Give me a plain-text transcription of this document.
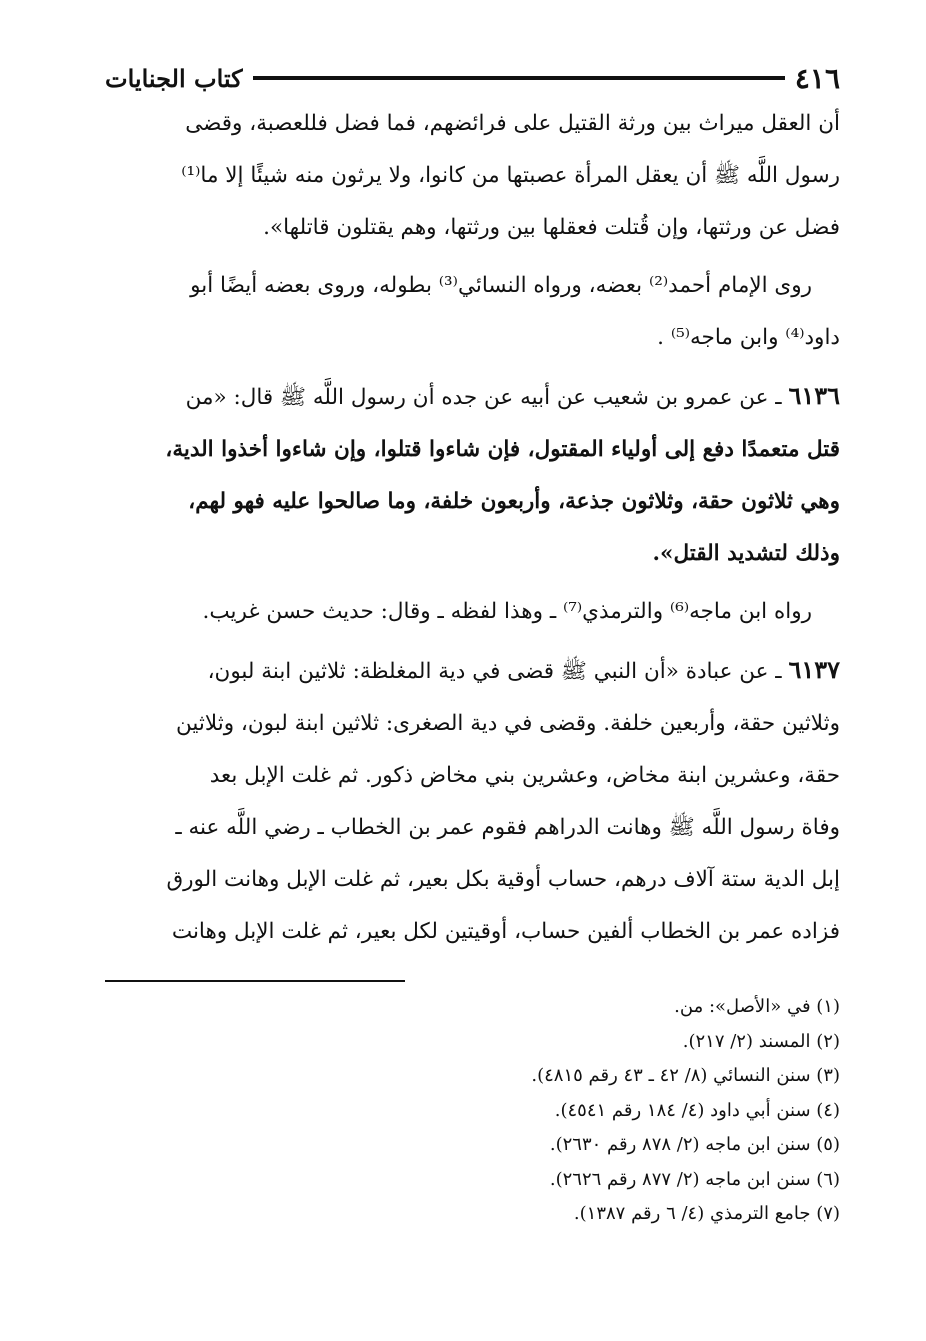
٤١٦
كتاب الجنايات

أن العقل ميراث بين ورثة القتيل على فرائضهم، فما فضل فللعصبة، وقضى

رسول اللَّه ﷺ أن يعقل المرأة عصبتها من كانوا، ولا يرثون منه شيئًا إلا ما⁽¹⁾

فضل عن ورثتها، وإن قُتلت فعقلها بين ورثتها، وهم يقتلون قاتلها».

روى الإمام أحمد⁽²⁾ بعضه، ورواه النسائي⁽³⁾ بطوله، وروى بعضه أيضًا أبو

داود⁽⁴⁾ وابن ماجه⁽⁵⁾ .

٦١٣٦ ـ عن عمرو بن شعيب عن أبيه عن جده أن رسول اللَّه ﷺ قال: «من

قتل متعمدًا دفع إلى أولياء المقتول، فإن شاءوا قتلوا، وإن شاءوا أخذوا الدية،

وهي ثلاثون حقة، وثلاثون جذعة، وأربعون خلفة، وما صالحوا عليه فهو لهم،

وذلك لتشديد القتل».

رواه ابن ماجه⁽⁶⁾ والترمذي⁽⁷⁾ ـ وهذا لفظه ـ وقال: حديث حسن غريب.

٦١٣٧ ـ عن عبادة «أن النبي ﷺ قضى في دية المغلظة: ثلاثين ابنة لبون،

وثلاثين حقة، وأربعين خلفة. وقضى في دية الصغرى: ثلاثين ابنة لبون، وثلاثين

حقة، وعشرين ابنة مخاض، وعشرين بني مخاض ذكور. ثم غلت الإبل بعد

وفاة رسول اللَّه ﷺ وهانت الدراهم فقوم عمر بن الخطاب ـ رضي اللَّه عنه ـ

إبل الدية ستة آلاف درهم، حساب أوقية بكل بعير، ثم غلت الإبل وهانت الورق

فزاده عمر بن الخطاب ألفين حساب، أوقيتين لكل بعير، ثم غلت الإبل وهانت

(١) في «الأصل»: من.
(٢) المسند (٢/ ٢١٧).
(٣) سنن النسائي (٨/ ٤٢ ـ ٤٣ رقم ٤٨١٥).
(٤) سنن أبي داود (٤/ ١٨٤ رقم ٤٥٤١).
(٥) سنن ابن ماجه (٢/ ٨٧٨ رقم ٢٦٣٠).
(٦) سنن ابن ماجه (٢/ ٨٧٧ رقم ٢٦٢٦).
(٧) جامع الترمذي (٤/ ٦ رقم ١٣٨٧).
